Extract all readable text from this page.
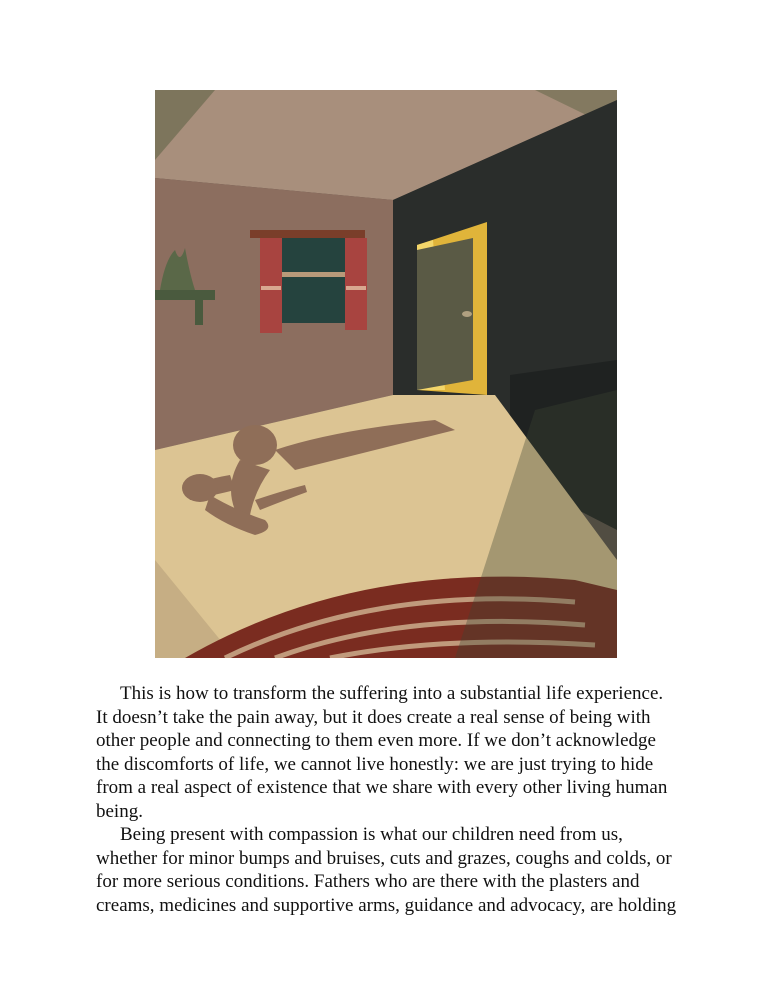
This is how to transform the suffering into a substantial life experience.
It doesn’t take the pain away, but it does create a real sense of being with
other people and connecting to them even more. If we don’t acknowledge
the discomforts of life, we cannot live honestly: we are just trying to hide
from a real aspect of existence that we share with every other living human
being.

Being present with compassion is what our children need from us,
whether for minor bumps and bruises, cuts and grazes, coughs and colds, or
for more serious conditions. Fathers who are there with the plasters and
creams, medicines and supportive arms, guidance and advocacy, are holding
